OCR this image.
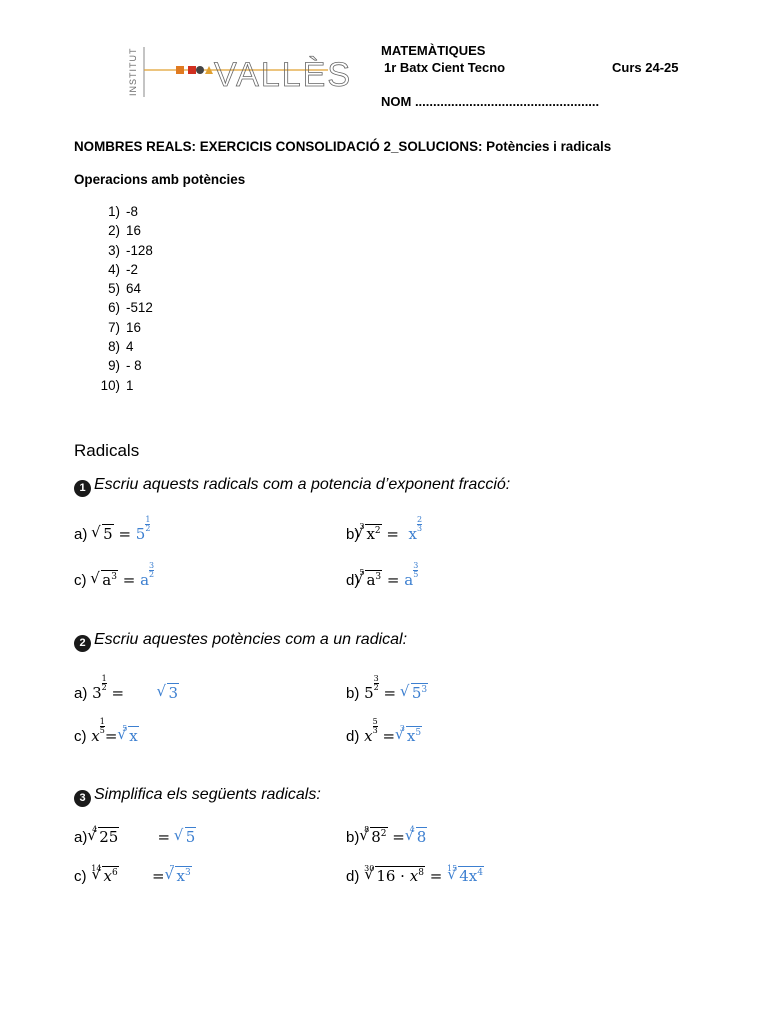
INSTITUT VALLÈS
MATEMÀTIQUES
1r Batx Cient Tecno	Curs 24-25
NOM ...................................................
NOMBRES REALS: EXERCICIS CONSOLIDACIÓ 2_SOLUCIONS: Potències i radicals
Operacions amb potències
1) -8
2) 16
3) -128
4) -2
5) 64
6) -512
7) 16
8) 4
9) - 8
10) 1
Radicals
1 Escriu aquests radicals com a potencia d’exponent fracció:
a) √ 5 = 5
$\frac{1}{2}$
b)$^3$√ $x^2 = x$
$\frac{2}{3}$
c) √ $a^3 = a$
$\frac{3}{2}$
d)$^5$√ $a^3 = a$
$\frac{3}{5}$
2 Escriu aquestes potències com a un radical:
a) 3
$\frac{1}{2}$
=       √ 3	b) 5
$\frac{3}{2}$
= √ $5^3$
c) x
$\frac{1}{5}$
= $^5$√ x	d) x
$\frac{5}{3}$
= $^3$√ $x^5$
3 Simplifica els següents radicals:
a) $^4$√ 25        = √ 5	b) $^8$√ $8^2 = ^4√$ 8
c) $^{14}$√ $x^6$       = $^7$√ $x^3$	d) $^{30}$√ $16 \cdot x^8 = ^{15}√$ $4x^4$
